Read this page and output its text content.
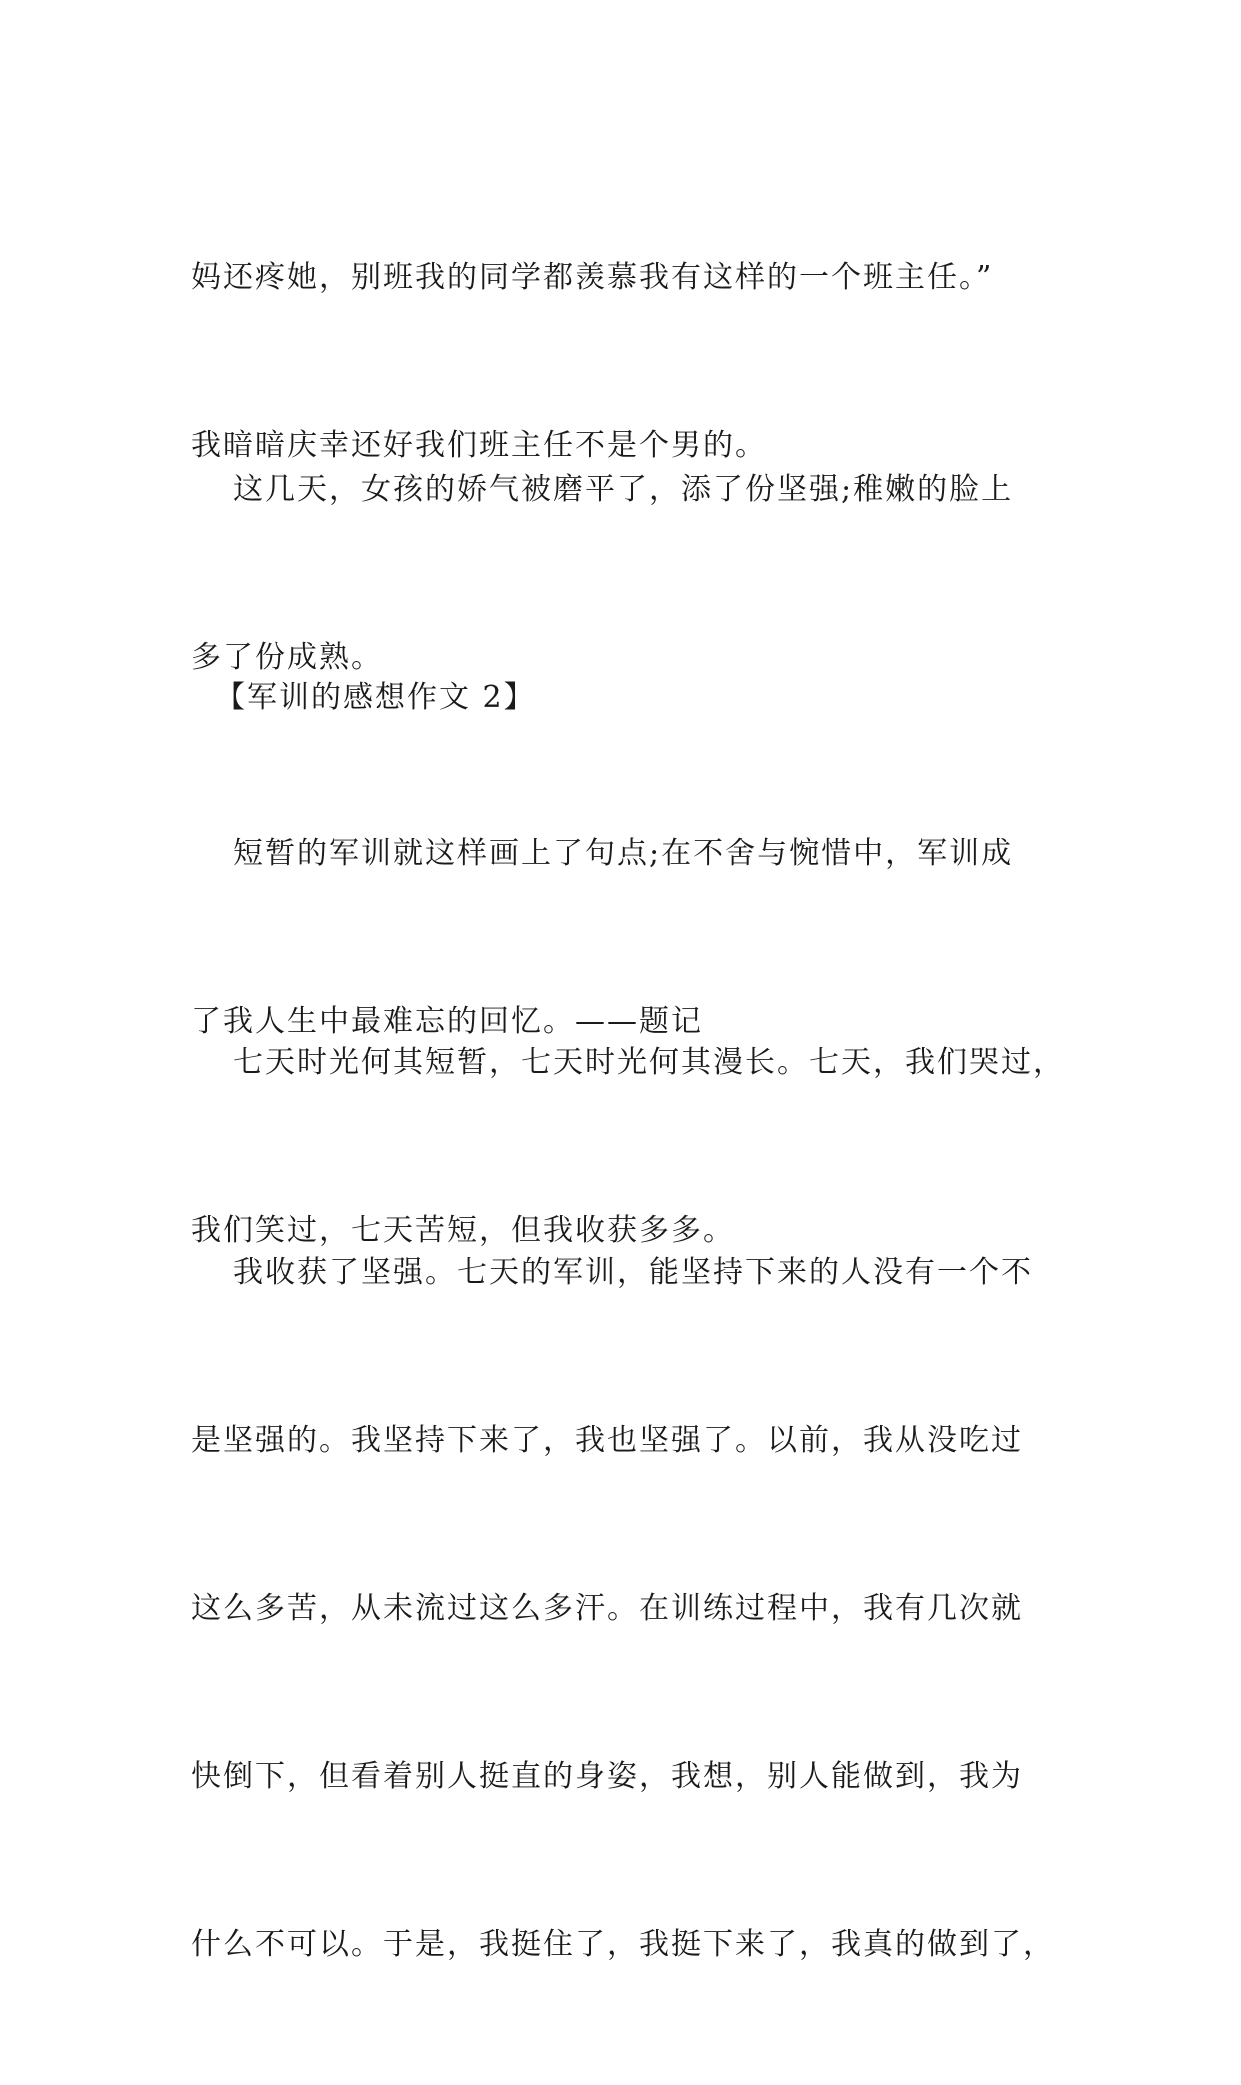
妈还疼她，别班我的同学都羡慕我有这样的一个班主任。”

我暗暗庆幸还好我们班主任不是个男的。

这几天，女孩的娇气被磨平了，添了份坚强;稚嫩的脸上

多了份成熟。

【军训的感想作文 2】

短暂的军训就这样画上了句点;在不舍与惋惜中，军训成

了我人生中最难忘的回忆。——题记

七天时光何其短暂，七天时光何其漫长。七天，我们哭过，

我们笑过，七天苦短，但我收获多多。

我收获了坚强。七天的军训，能坚持下来的人没有一个不

是坚强的。我坚持下来了，我也坚强了。以前，我从没吃过

这么多苦，从未流过这么多汗。在训练过程中，我有几次就

快倒下，但看着别人挺直的身姿，我想，别人能做到，我为

什么不可以。于是，我挺住了，我挺下来了，我真的做到了，
